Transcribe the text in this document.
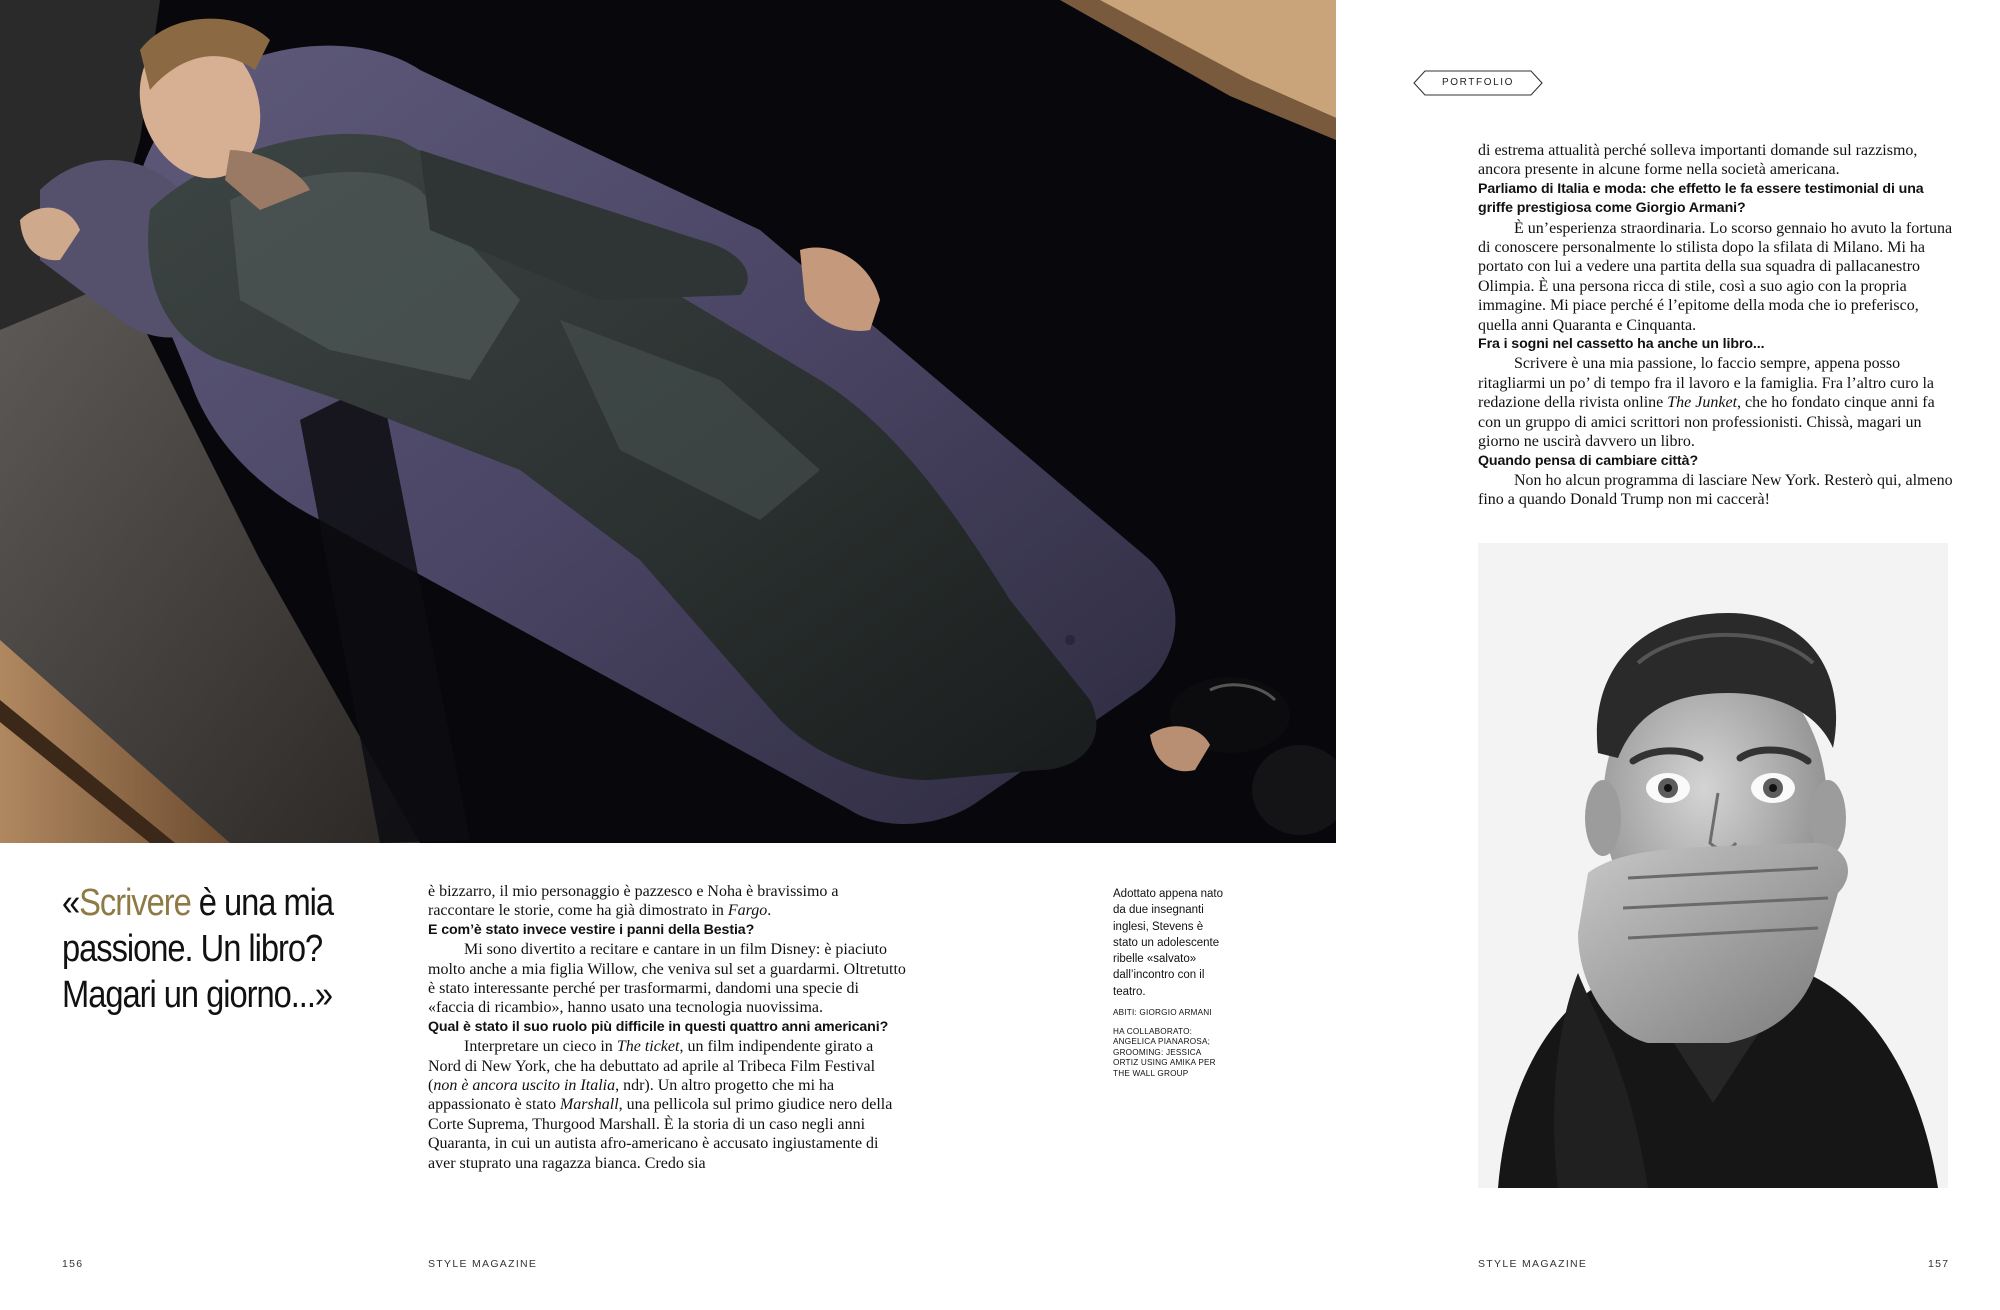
«Scrivere è una mia passione. Un libro? Magari un giorno...»

è bizzarro, il mio personaggio è pazzesco e Noha è bravissimo a raccontare le storie, come ha già dimostrato in Fargo.

E com’è stato invece vestire i panni della Bestia?

Mi sono divertito a recitare e cantare in un film Disney: è piaciuto molto anche a mia figlia Willow, che veniva sul set a guardarmi. Oltretutto è stato interessante perché per trasformarmi, dandomi una specie di «faccia di ricambio», hanno usato una tecnologia nuovissima.

Qual è stato il suo ruolo più difficile in questi quattro anni americani?

Interpretare un cieco in The ticket, un film indipendente girato a Nord di New York, che ha debuttato ad aprile al Tribeca Film Festival (non è ancora uscito in Italia, ndr). Un altro progetto che mi ha appassionato è stato Marshall, una pellicola sul primo giudice nero della Corte Suprema, Thurgood Marshall. È la storia di un caso negli anni Quaranta, in cui un autista afro-americano è accusato ingiustamente di aver stuprato una ragazza bianca. Credo sia

Adottato appena nato da due insegnanti inglesi, Stevens è stato un adolescente ribelle «salvato» dall’incontro con il teatro.
ABITI: GIORGIO ARMANI
HA COLLABORATO: ANGELICA PIANAROSA; GROOMING: JESSICA ORTIZ USING AMIKA PER THE WALL GROUP
PORTFOLIO

di estrema attualità perché solleva importanti domande sul razzismo, ancora presente in alcune forme nella società americana.

Parliamo di Italia e moda: che effetto le fa essere testimonial di una griffe prestigiosa come Giorgio Armani?

È un’esperienza straordinaria. Lo scorso gennaio ho avuto la fortuna di conoscere personalmente lo stilista dopo la sfilata di Milano. Mi ha portato con lui a vedere una partita della sua squadra di pallacanestro Olimpia. È una persona ricca di stile, così a suo agio con la propria immagine. Mi piace perché é l’epitome della moda che io preferisco, quella anni Quaranta e Cinquanta.

Fra i sogni nel cassetto ha anche un libro...

Scrivere è una mia passione, lo faccio sempre, appena posso ritagliarmi un po’ di tempo fra il lavoro e la famiglia. Fra l’altro curo la redazione della rivista online The Junket, che ho fondato cinque anni fa con un gruppo di amici scrittori non professionisti. Chissà, magari un giorno ne uscirà davvero un libro.

Quando pensa di cambiare città?

Non ho alcun programma di lasciare New York. Resterò qui, almeno fino a quando Donald Trump non mi caccerà!

156	STYLE MAGAZINE	STYLE MAGAZINE	157
